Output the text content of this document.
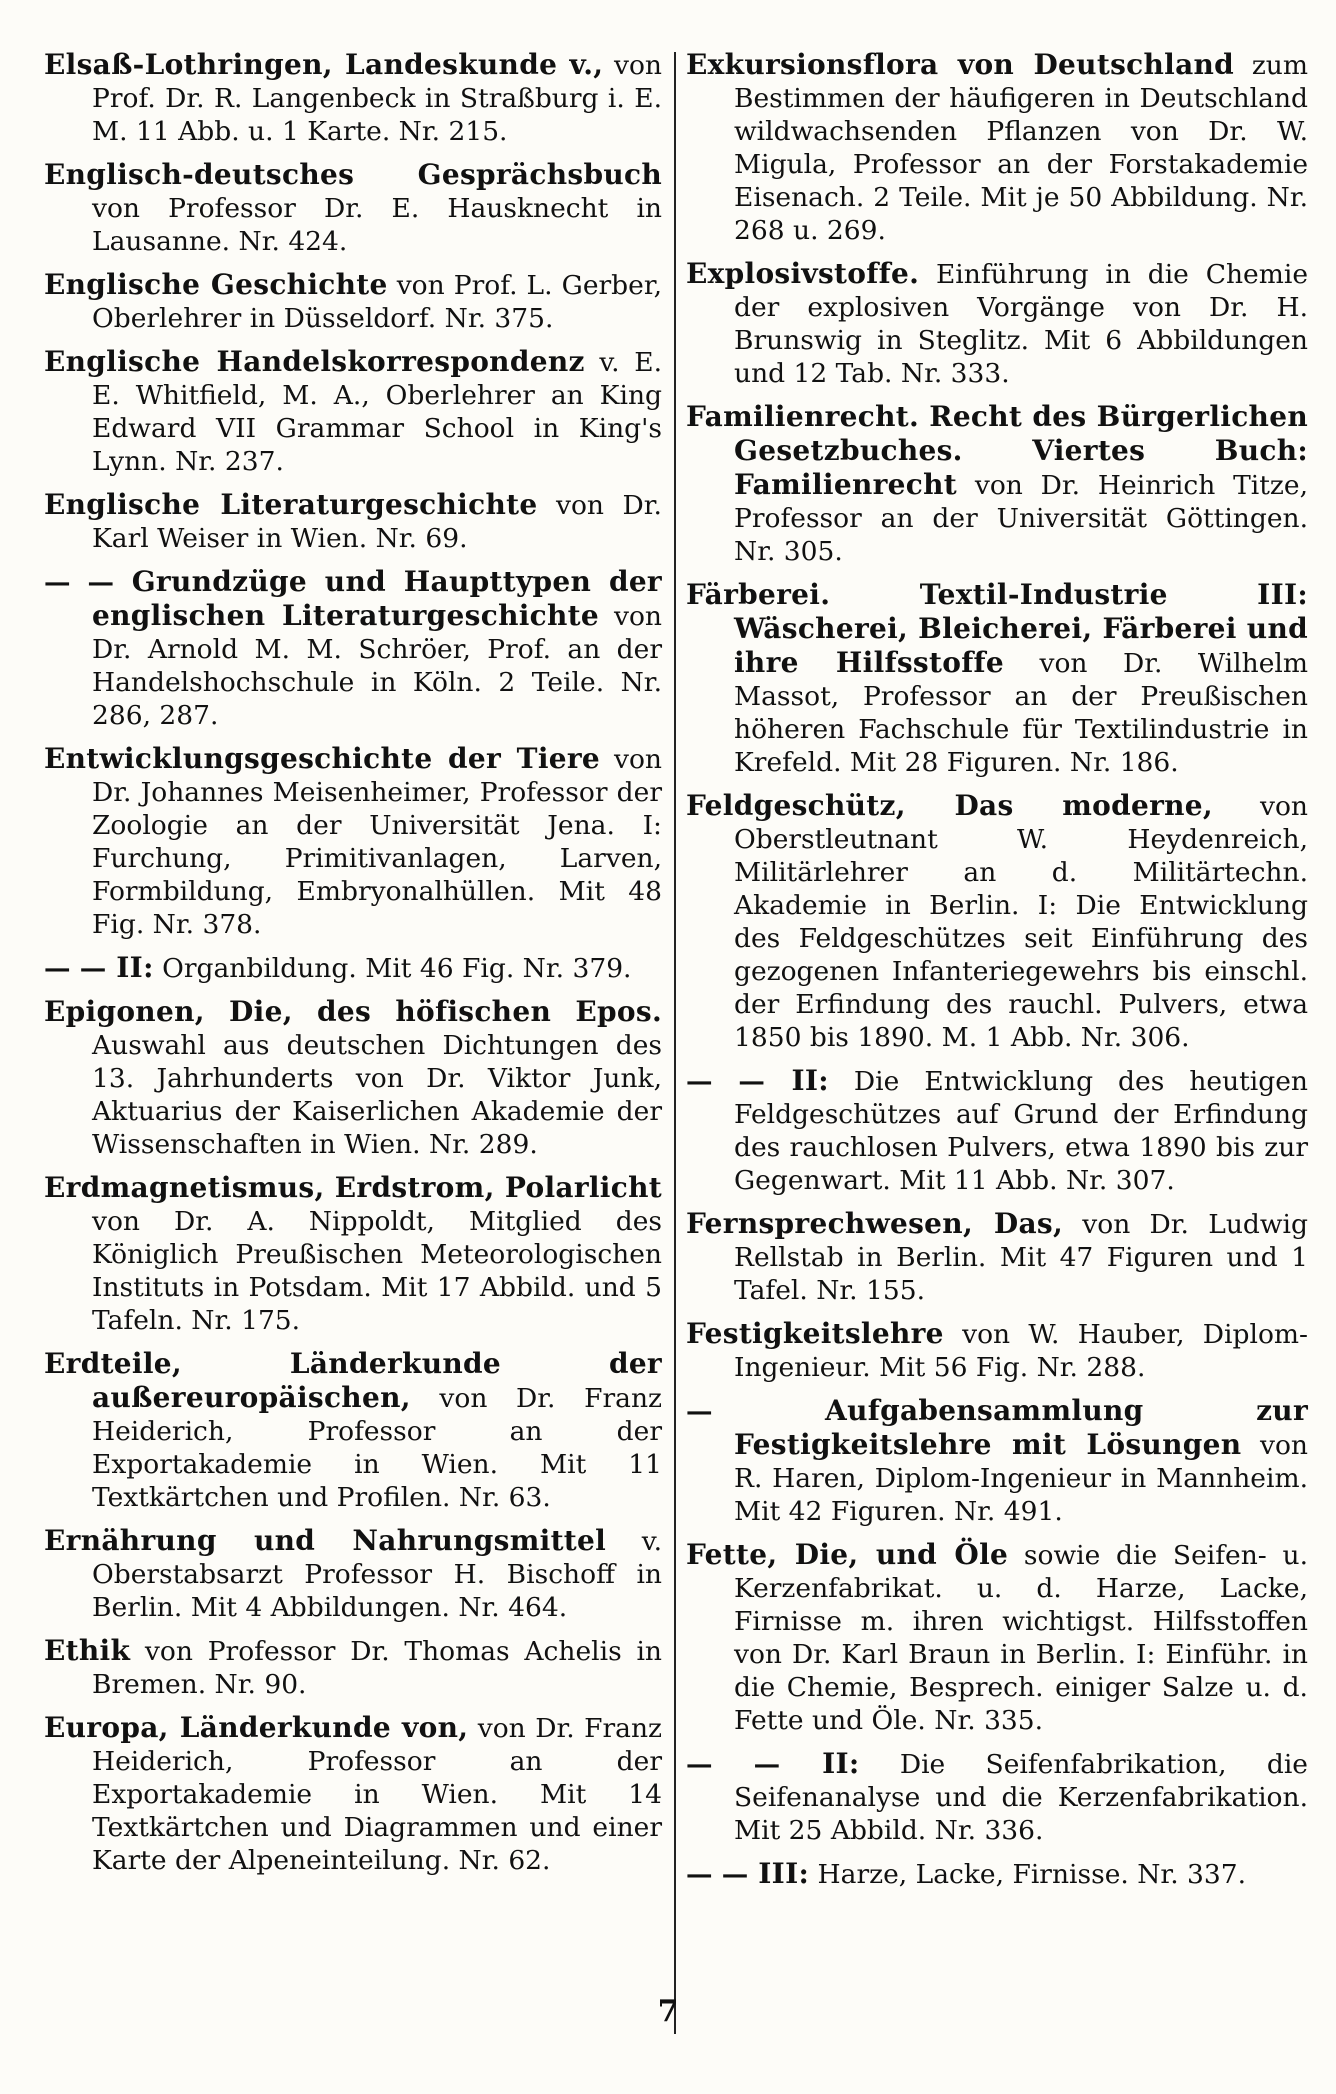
Elsaß-Lothringen, Landeskunde v., von Prof. Dr. R. Langenbeck in Straßburg i. E. M. 11 Abb. u. 1 Karte. Nr. 215.

Englisch-deutsches Gesprächsbuch von Professor Dr. E. Hausknecht in Lausanne. Nr. 424.

Englische Geschichte von Prof. L. Gerber, Oberlehrer in Düsseldorf. Nr. 375.

Englische Handelskorrespondenz v. E. E. Whitfield, M. A., Oberlehrer an King Edward VII Grammar School in King's Lynn. Nr. 237.

Englische Literaturgeschichte von Dr. Karl Weiser in Wien. Nr. 69.

— — Grundzüge und Haupttypen der englischen Literaturgeschichte von Dr. Arnold M. M. Schröer, Prof. an der Handelshochschule in Köln. 2 Teile. Nr. 286, 287.

Entwicklungsgeschichte der Tiere von Dr. Johannes Meisenheimer, Professor der Zoologie an der Universität Jena. I: Furchung, Primitivanlagen, Larven, Formbildung, Embryonalhüllen. Mit 48 Fig. Nr. 378.

— — II: Organbildung. Mit 46 Fig. Nr. 379.

Epigonen, Die, des höfischen Epos. Auswahl aus deutschen Dichtungen des 13. Jahrhunderts von Dr. Viktor Junk, Aktuarius der Kaiserlichen Akademie der Wissenschaften in Wien. Nr. 289.

Erdmagnetismus, Erdstrom, Polarlicht von Dr. A. Nippoldt, Mitglied des Königlich Preußischen Meteorologischen Instituts in Potsdam. Mit 17 Abbild. und 5 Tafeln. Nr. 175.

Erdteile, Länderkunde der außereuropäischen, von Dr. Franz Heiderich, Professor an der Exportakademie in Wien. Mit 11 Textkärtchen und Profilen. Nr. 63.

Ernährung und Nahrungsmittel v. Oberstabsarzt Professor H. Bischoff in Berlin. Mit 4 Abbildungen. Nr. 464.

Ethik von Professor Dr. Thomas Achelis in Bremen. Nr. 90.

Europa, Länderkunde von, von Dr. Franz Heiderich, Professor an der Exportakademie in Wien. Mit 14 Textkärtchen und Diagrammen und einer Karte der Alpeneinteilung. Nr. 62.

Exkursionsflora von Deutschland zum Bestimmen der häufigeren in Deutschland wildwachsenden Pflanzen von Dr. W. Migula, Professor an der Forstakademie Eisenach. 2 Teile. Mit je 50 Abbildung. Nr. 268 u. 269.

Explosivstoffe. Einführung in die Chemie der explosiven Vorgänge von Dr. H. Brunswig in Steglitz. Mit 6 Abbildungen und 12 Tab. Nr. 333.

Familienrecht. Recht des Bürgerlichen Gesetzbuches. Viertes Buch: Familienrecht von Dr. Heinrich Titze, Professor an der Universität Göttingen. Nr. 305.

Färberei. Textil-Industrie III: Wäscherei, Bleicherei, Färberei und ihre Hilfsstoffe von Dr. Wilhelm Massot, Professor an der Preußischen höheren Fachschule für Textilindustrie in Krefeld. Mit 28 Figuren. Nr. 186.

Feldgeschütz, Das moderne, von Oberstleutnant W. Heydenreich, Militärlehrer an d. Militärtechn. Akademie in Berlin. I: Die Entwicklung des Feldgeschützes seit Einführung des gezogenen Infanteriegewehrs bis einschl. der Erfindung des rauchl. Pulvers, etwa 1850 bis 1890. M. 1 Abb. Nr. 306.

— — II: Die Entwicklung des heutigen Feldgeschützes auf Grund der Erfindung des rauchlosen Pulvers, etwa 1890 bis zur Gegenwart. Mit 11 Abb. Nr. 307.

Fernsprechwesen, Das, von Dr. Ludwig Rellstab in Berlin. Mit 47 Figuren und 1 Tafel. Nr. 155.

Festigkeitslehre von W. Hauber, Diplom-Ingenieur. Mit 56 Fig. Nr. 288.

— Aufgabensammlung zur Festigkeitslehre mit Lösungen von R. Haren, Diplom-Ingenieur in Mannheim. Mit 42 Figuren. Nr. 491.

Fette, Die, und Öle sowie die Seifen- u. Kerzenfabrikat. u. d. Harze, Lacke, Firnisse m. ihren wichtigst. Hilfsstoffen von Dr. Karl Braun in Berlin. I: Einführ. in die Chemie, Besprech. einiger Salze u. d. Fette und Öle. Nr. 335.

— — II: Die Seifenfabrikation, die Seifenanalyse und die Kerzenfabrikation. Mit 25 Abbild. Nr. 336.

— — III: Harze, Lacke, Firnisse. Nr. 337.

7
